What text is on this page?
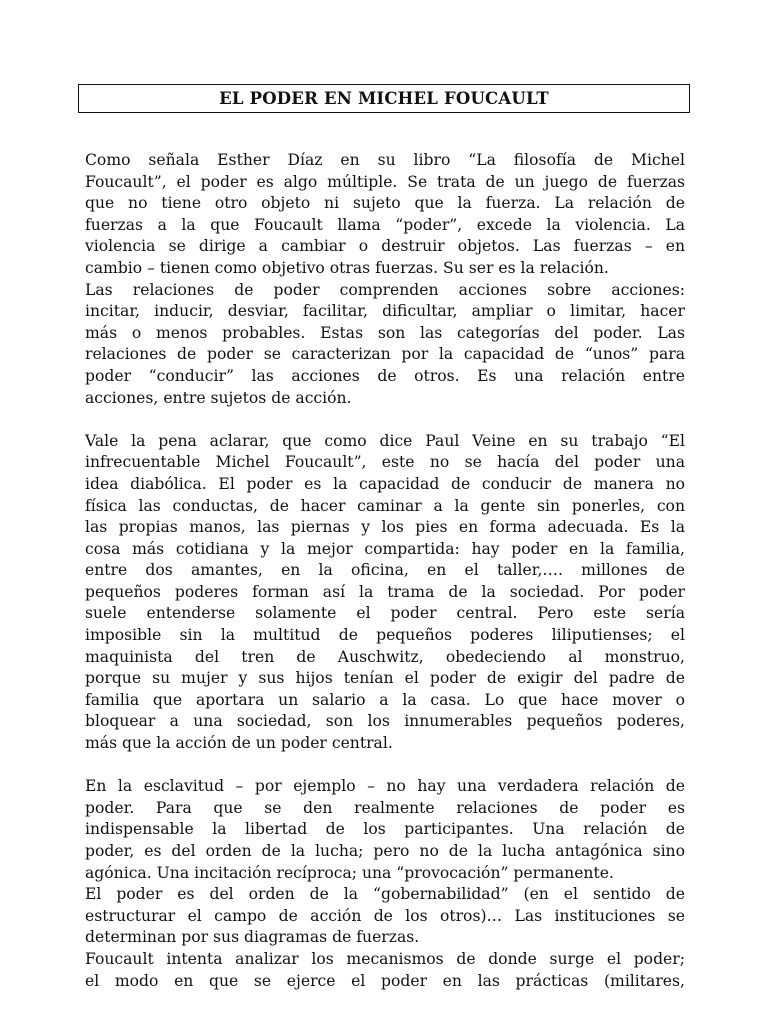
EL PODER EN MICHEL FOUCAULT
Como señala Esther Díaz en su libro “La filosofía de Michel
Foucault”, el poder es algo múltiple. Se trata de un juego de fuerzas
que no tiene otro objeto ni sujeto que la fuerza. La relación de
fuerzas a la que Foucault llama “poder”, excede la violencia. La
violencia se dirige a cambiar o destruir objetos. Las fuerzas – en
cambio – tienen como objetivo otras fuerzas. Su ser es la relación.
Las relaciones de poder comprenden acciones sobre acciones:
incitar, inducir, desviar, facilitar, dificultar, ampliar o limitar, hacer
más o menos probables. Estas son las categorías del poder. Las
relaciones de poder se caracterizan por la capacidad de “unos” para
poder “conducir” las acciones de otros. Es una relación entre
acciones, entre sujetos de acción.
Vale la pena aclarar, que como dice Paul Veine en su trabajo “El
infrecuentable Michel Foucault”, este no se hacía del poder una
idea diabólica. El poder es la capacidad de conducir de manera no
física las conductas, de hacer caminar a la gente sin ponerles, con
las propias manos, las piernas y los pies en forma adecuada. Es la
cosa más cotidiana y la mejor compartida: hay poder en la familia,
entre dos amantes, en la oficina, en el taller,…. millones de
pequeños poderes forman así la trama de la sociedad. Por poder
suele entenderse solamente el poder central. Pero este sería
imposible sin la multitud de pequeños poderes liliputienses; el
maquinista del tren de Auschwitz, obedeciendo al monstruo,
porque su mujer y sus hijos tenían el poder de exigir del padre de
familia que aportara un salario a la casa. Lo que hace mover o
bloquear a una sociedad, son los innumerables pequeños poderes,
más que la acción de un poder central.
En la esclavitud – por ejemplo – no hay una verdadera relación de
poder. Para que se den realmente relaciones de poder es
indispensable la libertad de los participantes. Una relación de
poder, es del orden de la lucha; pero no de la lucha antagónica sino
agónica. Una incitación recíproca; una “provocación” permanente.
El poder es del orden de la “gobernabilidad” (en el sentido de
estructurar el campo de acción de los otros)… Las instituciones se
determinan por sus diagramas de fuerzas.
Foucault intenta analizar los mecanismos de donde surge el poder;
el modo en que se ejerce el poder en las prácticas (militares,
